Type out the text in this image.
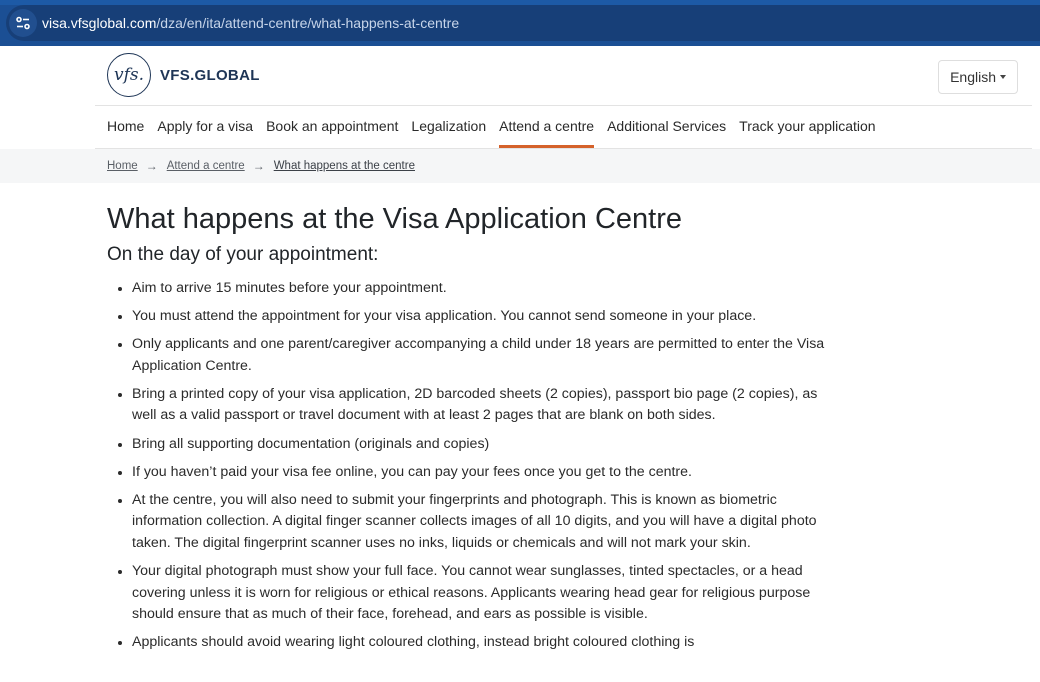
visa.vfsglobal.com/dza/en/ita/attend-centre/what-happens-at-centre
vfs.	VFS.GLOBAL	English
Home Apply for a visa Book an appointment Legalization Attend a centre Additional Services Track your application
Home → Attend a centre → What happens at the centre
What happens at the Visa Application Centre
On the day of your appointment:
• Aim to arrive 15 minutes before your appointment.
• You must attend the appointment for your visa application. You cannot send someone in your place.
• Only applicants and one parent/caregiver accompanying a child under 18 years are permitted to enter the Visa Application Centre.
• Bring a printed copy of your visa application, 2D barcoded sheets (2 copies), passport bio page (2 copies), as well as a valid passport or travel document with at least 2 pages that are blank on both sides.
• Bring all supporting documentation (originals and copies)
• If you haven’t paid your visa fee online, you can pay your fees once you get to the centre.
• At the centre, you will also need to submit your fingerprints and photograph. This is known as biometric information collection. A digital finger scanner collects images of all 10 digits, and you will have a digital photo taken. The digital fingerprint scanner uses no inks, liquids or chemicals and will not mark your skin.
• Your digital photograph must show your full face. You cannot wear sunglasses, tinted spectacles, or a head covering unless it is worn for religious or ethical reasons. Applicants wearing head gear for religious purpose should ensure that as much of their face, forehead, and ears as possible is visible.
• Applicants should avoid wearing light coloured clothing, instead bright coloured clothing is
